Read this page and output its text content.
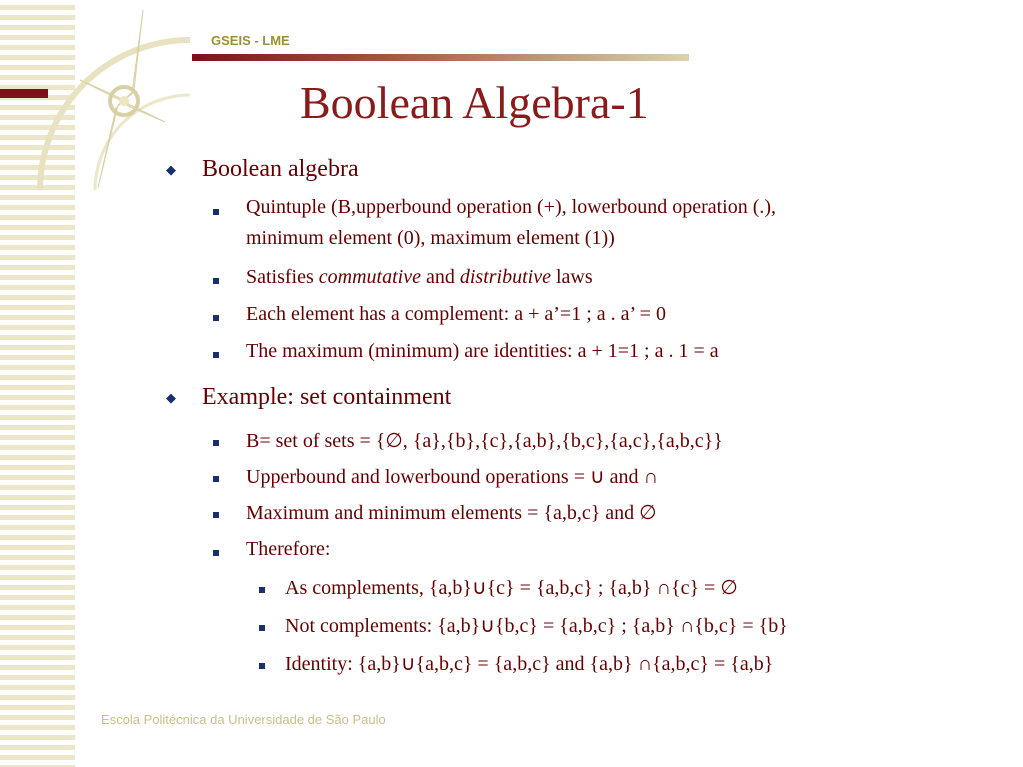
GSEIS - LME
Boolean Algebra-1
◆ Boolean algebra
Quintuple (B,upperbound operation (+), lowerbound operation (.),
minimum element (0), maximum element (1))
Satisfies commutative and distributive laws
Each element has a complement: a + a’=1 ; a . a’ = 0
The maximum (minimum) are identities: a + 1=1 ; a . 1 = a
◆ Example: set containment
B= set of sets = {∅, {a},{b},{c},{a,b},{b,c},{a,c},{a,b,c}}
Upperbound and lowerbound operations = ∪ and ∩
Maximum and minimum elements = {a,b,c} and ∅
Therefore:
As complements, {a,b}∪{c} = {a,b,c} ; {a,b} ∩{c} = ∅
Not complements: {a,b}∪{b,c} = {a,b,c} ; {a,b} ∩{b,c} = {b}
Identity: {a,b}∪{a,b,c} = {a,b,c} and {a,b} ∩{a,b,c} = {a,b}
Escola Politécnica da Universidade de São Paulo
